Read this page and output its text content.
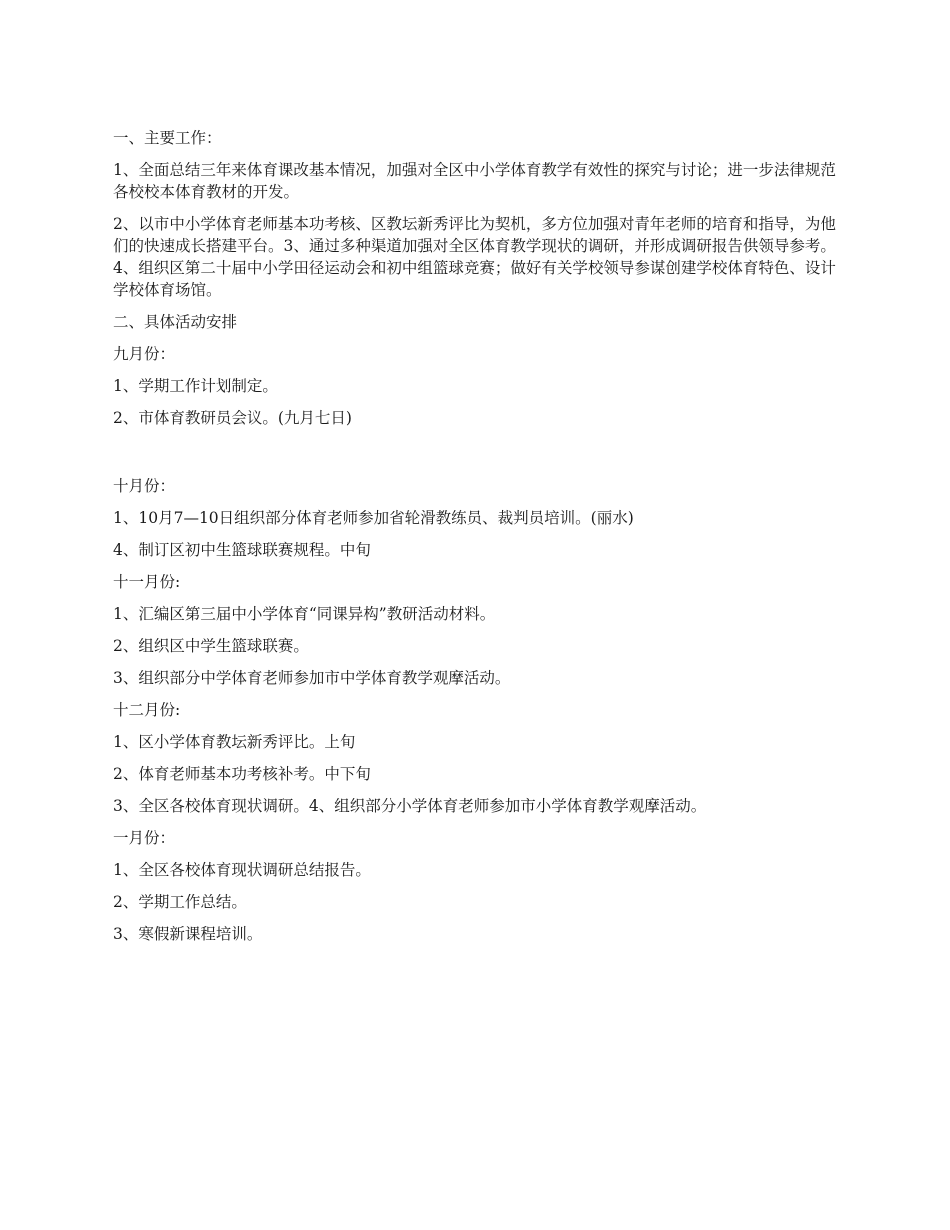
一、主要工作：

1、全面总结三年来体育课改基本情况，加强对全区中小学体育教学有效性的探究与讨论；进一步法律规范各校校本体育教材的开发。

2、以市中小学体育老师基本功考核、区教坛新秀评比为契机，多方位加强对青年老师的培育和指导，为他们的快速成长搭建平台。3、通过多种渠道加强对全区体育教学现状的调研，并形成调研报告供领导参考。4、组织区第二十届中小学田径运动会和初中组篮球竞赛；做好有关学校领导参谋创建学校体育特色、设计学校体育场馆。

二、具体活动安排

九月份：

1、学期工作计划制定。

2、市体育教研员会议。(九月七日)

十月份：

1、10月7—10日组织部分体育老师参加省轮滑教练员、裁判员培训。(丽水)

4、制订区初中生篮球联赛规程。中旬

十一月份:

1、汇编区第三届中小学体育“同课异构”教研活动材料。

2、组织区中学生篮球联赛。

3、组织部分中学体育老师参加市中学体育教学观摩活动。

十二月份:

1、区小学体育教坛新秀评比。上旬

2、体育老师基本功考核补考。中下旬

3、全区各校体育现状调研。4、组织部分小学体育老师参加市小学体育教学观摩活动。

一月份：

1、全区各校体育现状调研总结报告。

2、学期工作总结。

3、寒假新课程培训。
